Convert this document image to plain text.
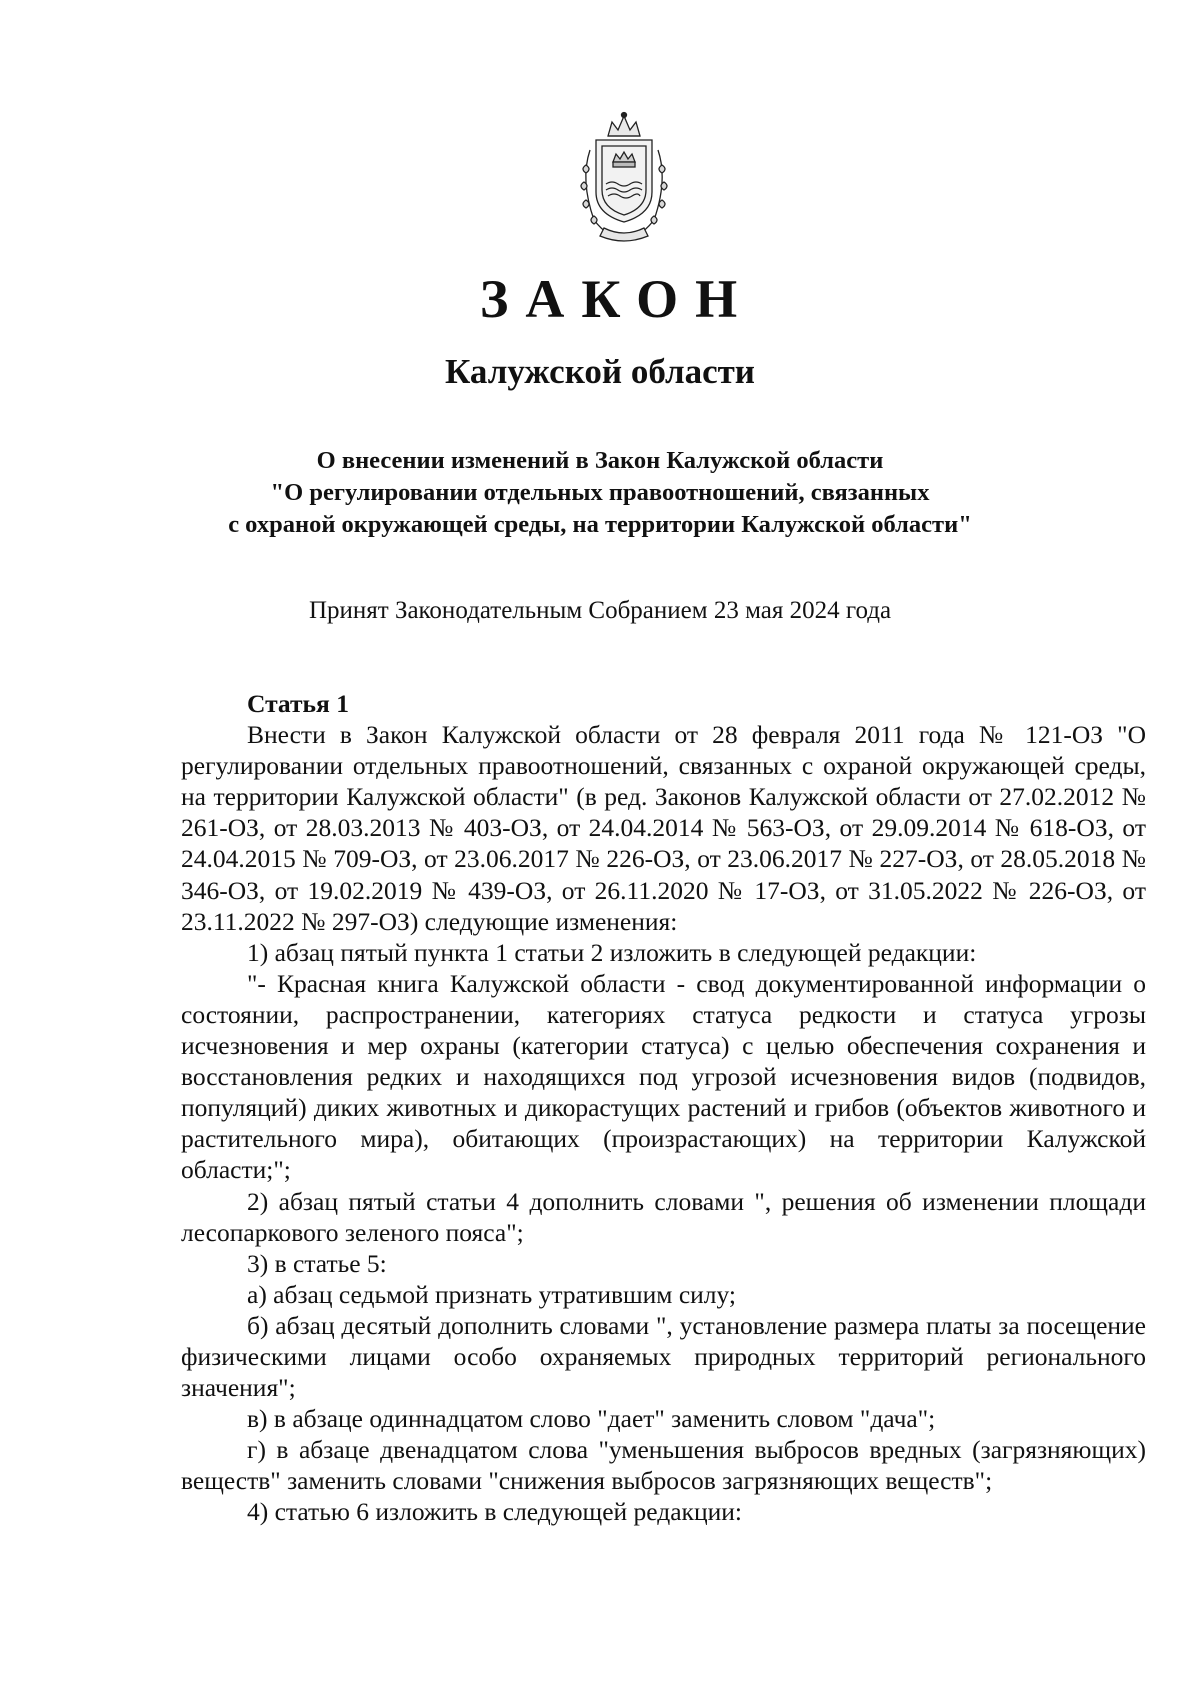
ЗАКОН
Калужской области
О внесении изменений в Закон Калужской области
"О регулировании отдельных правоотношений, связанных
с охраной окружающей среды, на территории Калужской области"
Принят Законодательным Собранием 23 мая 2024 года

Статья 1

Внести в Закон Калужской области от 28 февраля 2011 года № 121-ОЗ "О регулировании отдельных правоотношений, связанных с охраной окружающей среды, на территории Калужской области" (в ред. Законов Калужской области от 27.02.2012 № 261-ОЗ, от 28.03.2013 № 403-ОЗ, от 24.04.2014 № 563-ОЗ, от 29.09.2014 № 618-ОЗ, от 24.04.2015 № 709-ОЗ, от 23.06.2017 № 226-ОЗ, от 23.06.2017 № 227-ОЗ, от 28.05.2018 № 346-ОЗ, от 19.02.2019 № 439-ОЗ, от 26.11.2020 № 17-ОЗ, от 31.05.2022 № 226-ОЗ, от 23.11.2022 № 297-ОЗ) следующие изменения:

1) абзац пятый пункта 1 статьи 2 изложить в следующей редакции:

"- Красная книга Калужской области - свод документированной информации о состоянии, распространении, категориях статуса редкости и статуса угрозы исчезновения и мер охраны (категории статуса) с целью обеспечения сохранения и восстановления редких и находящихся под угрозой исчезновения видов (подвидов, популяций) диких животных и дикорастущих растений и грибов (объектов животного и растительного мира), обитающих (произрастающих) на территории Калужской области;";

2) абзац пятый статьи 4 дополнить словами ", решения об изменении площади лесопаркового зеленого пояса";

3) в статье 5:

а) абзац седьмой признать утратившим силу;

б) абзац десятый дополнить словами ", установление размера платы за посещение физическими лицами особо охраняемых природных территорий регионального значения";

в) в абзаце одиннадцатом слово "дает" заменить словом "дача";

г) в абзаце двенадцатом слова "уменьшения выбросов вредных (загрязняющих) веществ" заменить словами "снижения выбросов загрязняющих веществ";

4) статью 6 изложить в следующей редакции:
